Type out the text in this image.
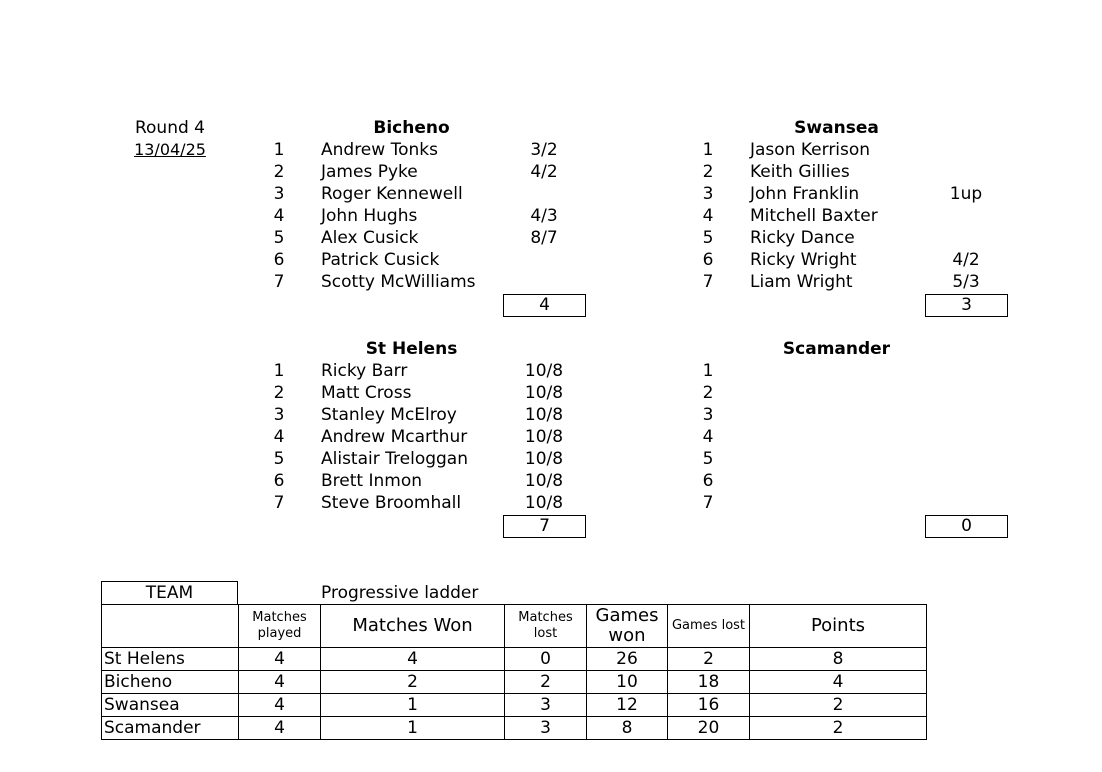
Round 4
13/04/25
Bicheno
1	Andrew Tonks	3/2
2	James Pyke	4/2
3	Roger Kennewell
4	John Hughs	4/3
5	Alex Cusick	8/7
6	Patrick Cusick
7	Scotty McWilliams
4
Swansea
1	Jason Kerrison
2	Keith Gillies
3	John Franklin	1up
4	Mitchell Baxter
5	Ricky Dance
6	Ricky Wright	4/2
7	Liam Wright	5/3
3
St Helens
1	Ricky Barr	10/8
2	Matt Cross	10/8
3	Stanley McElroy	10/8
4	Andrew Mcarthur	10/8
5	Alistair Treloggan	10/8
6	Brett Inmon	10/8
7	Steve Broomhall	10/8
7
Scamander
1
2
3
4
5
6
7
0
TEAM	Progressive ladder
	Matches played	Matches Won	Matches lost	Games won	Games lost	Points
St Helens	4	4	0	26	2	8
Bicheno	4	2	2	10	18	4
Swansea	4	1	3	12	16	2
Scamander	4	1	3	8	20	2
